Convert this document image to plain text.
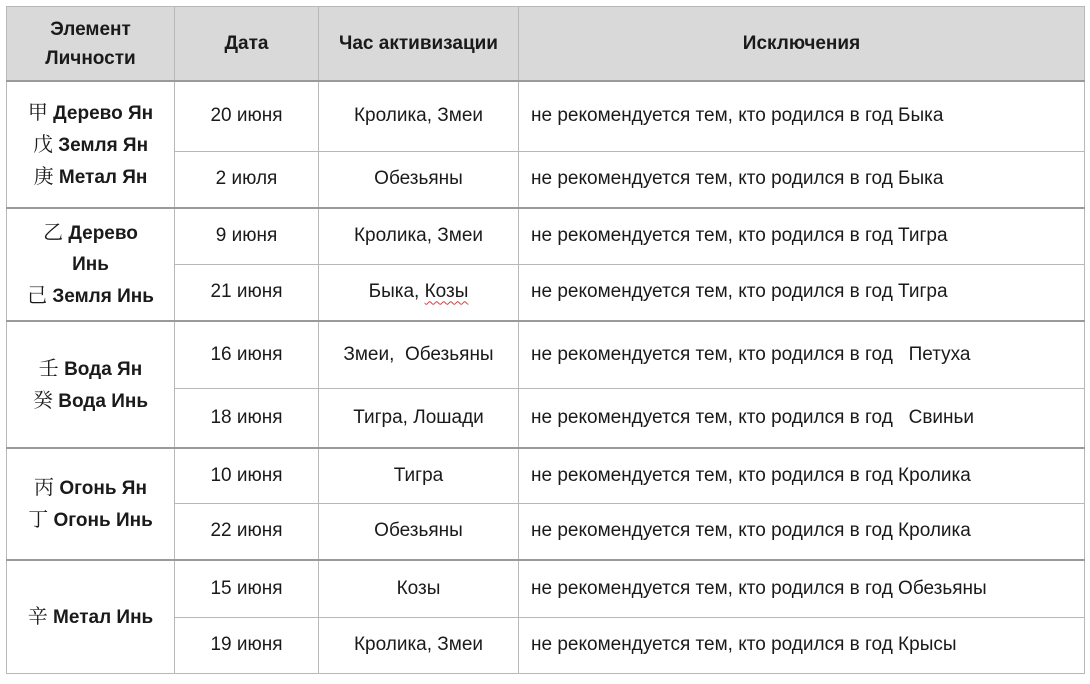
Элемент
Личности	Дата	Час активизации	Исключения

甲 Дерево Ян
戊 Земля Ян
庚 Метал Ян	20 июня	Кролика, Змеи	не рекомендуется тем, кто родился в год Быка
	2 июля	Обезьяны	не рекомендуется тем, кто родился в год Быка

乙 Дерево
Инь
己 Земля Инь	9 июня	Кролика, Змеи	не рекомендуется тем, кто родился в год Тигра
	21 июня	Быка, Козы	не рекомендуется тем, кто родился в год Тигра

壬 Вода Ян
癸 Вода Инь	16 июня	Змеи,  Обезьяны	не рекомендуется тем, кто родился в год   Петуха
	18 июня	Тигра, Лошади	не рекомендуется тем, кто родился в год   Свиньи

丙 Огонь Ян
丁 Огонь Инь	10 июня	Тигра	не рекомендуется тем, кто родился в год Кролика
	22 июня	Обезьяны	не рекомендуется тем, кто родился в год Кролика

辛 Метал Инь	15 июня	Козы	не рекомендуется тем, кто родился в год Обезьяны
	19 июня	Кролика, Змеи	не рекомендуется тем, кто родился в год Крысы
